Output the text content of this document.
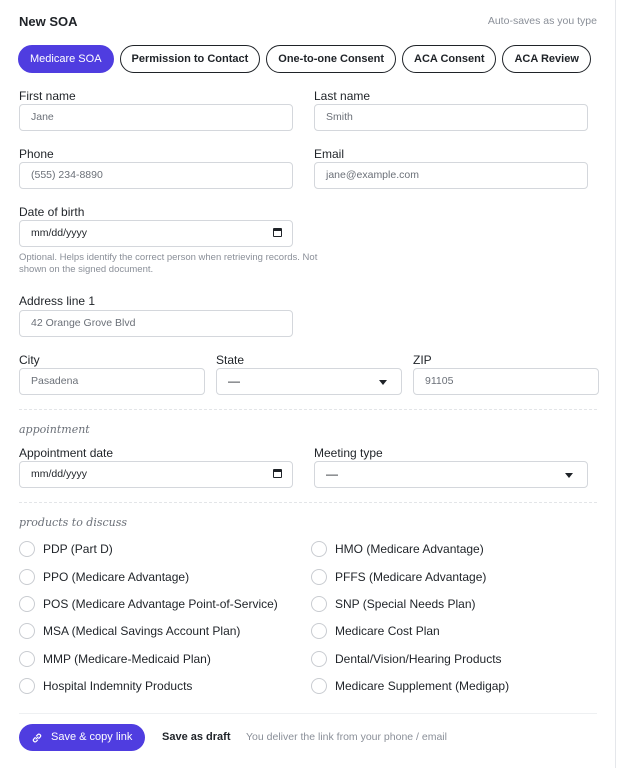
New SOA	Auto-saves as you type
Medicare SOA	Permission to Contact	One-to-one Consent	ACA Consent	ACA Review
First name
Jane
Last name
Smith
Phone
(555) 234-8890
Email
jane@example.com
Date of birth
mm/dd/yyyy
Optional. Helps identify the correct person when retrieving records. Not shown on the signed document.
Address line 1
42 Orange Grove Blvd
City
Pasadena
State
—
ZIP
91105
appointment
Appointment date
mm/dd/yyyy
Meeting type
—
products to discuss
PDP (Part D)
PPO (Medicare Advantage)
POS (Medicare Advantage Point-of-Service)
MSA (Medical Savings Account Plan)
MMP (Medicare-Medicaid Plan)
Hospital Indemnity Products
HMO (Medicare Advantage)
PFFS (Medicare Advantage)
SNP (Special Needs Plan)
Medicare Cost Plan
Dental/Vision/Hearing Products
Medicare Supplement (Medigap)
Save & copy link	Save as draft You deliver the link from your phone / email
